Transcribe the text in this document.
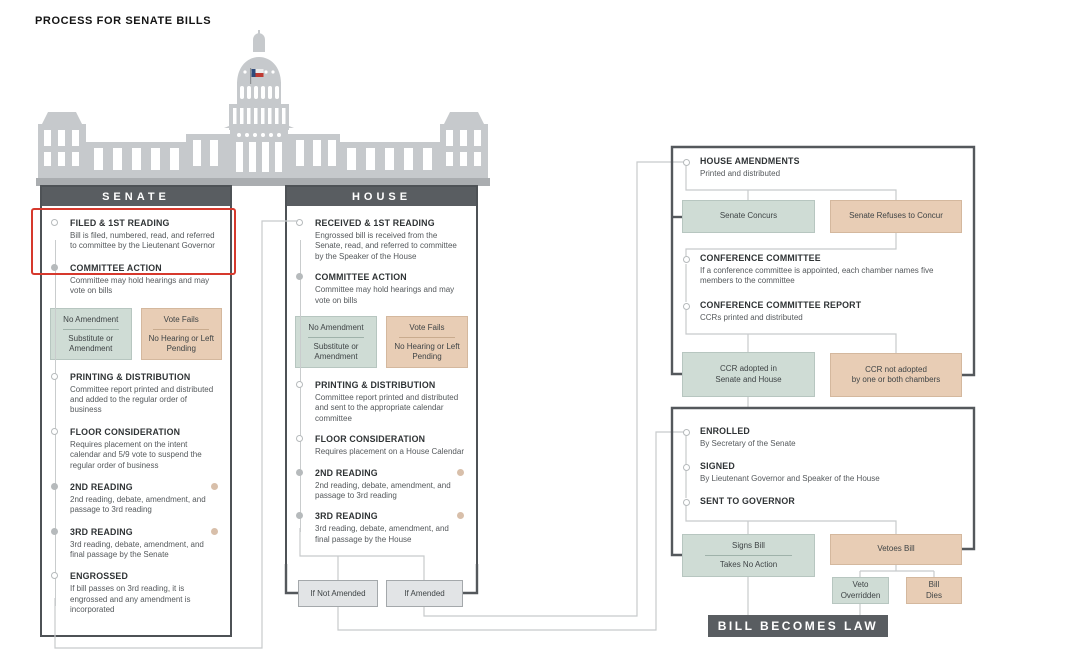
PROCESS FOR SENATE BILLS
SENATE
FILED & 1ST READING
Bill is filed, numbered, read, and referred to committee by the Lieutenant Governor
COMMITTEE ACTION
Committee may hold hearings and may vote on bills
No Amendment
Substitute or Amendment
Vote Fails
No Hearing or Left Pending
PRINTING & DISTRIBUTION
Committee report printed and distributed and added to the regular order of business
FLOOR CONSIDERATION
Requires placement on the intent calendar and 5/9 vote to suspend the regular order of business
2ND READING
2nd reading, debate, amendment, and passage to 3rd reading
3RD READING
3rd reading, debate, amendment, and final passage by the Senate
ENGROSSED
If bill passes on 3rd reading, it is engrossed and any amendment is incorporated
HOUSE
RECEIVED & 1ST READING
Engrossed bill is received from the Senate, read, and referred to committee by the Speaker of the House
COMMITTEE ACTION
Committee may hold hearings and may vote on bills
No Amendment
Substitute or Amendment
Vote Fails
No Hearing or Left Pending
PRINTING & DISTRIBUTION
Committee report printed and distributed and sent to the appropriate calendar committee
FLOOR CONSIDERATION
Requires placement on a House Calendar
2ND READING
2nd reading, debate, amendment, and passage to 3rd reading
3RD READING
3rd reading, debate, amendment, and final passage by the House
If Not Amended	If Amended
HOUSE AMENDMENTS
Printed and distributed
Senate Concurs	Senate Refuses to Concur
CONFERENCE COMMITTEE
If a conference committee is appointed, each chamber names five members to the committee
CONFERENCE COMMITTEE REPORT
CCRs printed and distributed
CCR adopted in
Senate and House
CCR not adopted
by one or both chambers
ENROLLED
By Secretary of the Senate
SIGNED
By Lieutenant Governor and Speaker of the House
SENT TO GOVERNOR
Signs Bill
Takes No Action
Vetoes Bill
Veto
Overridden
Bill
Dies
BILL BECOMES LAW
